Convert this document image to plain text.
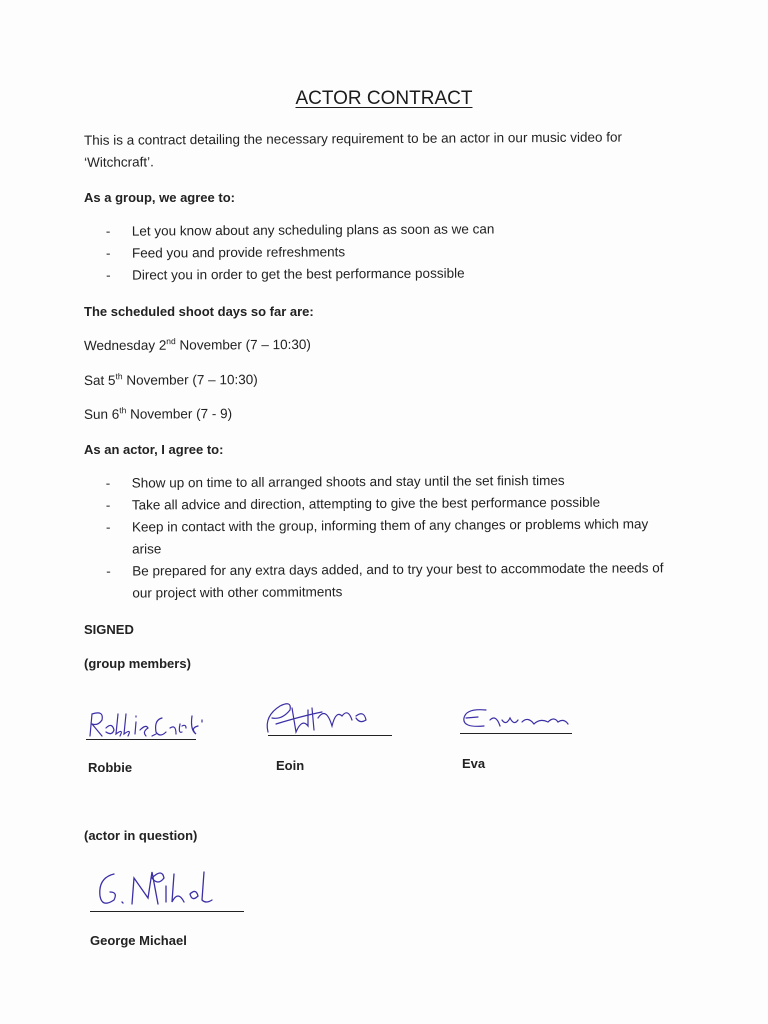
ACTOR CONTRACT
This is a contract detailing the necessary requirement to be an actor in our music video for ‘Witchcraft’.
As a group, we agree to:
- Let you know about any scheduling plans as soon as we can
- Feed you and provide refreshments
- Direct you in order to get the best performance possible
The scheduled shoot days so far are:
Wednesday 2nd November (7 – 10:30)
Sat 5th November (7 – 10:30)
Sun 6th November (7 - 9)
As an actor, I agree to:
- Show up on time to all arranged shoots and stay until the set finish times
- Take all advice and direction, attempting to give the best performance possible
- Keep in contact with the group, informing them of any changes or problems which may arise
- Be prepared for any extra days added, and to try your best to accommodate the needs of our project with other commitments
SIGNED
(group members)
Robbie	Eoin	Eva
(actor in question)
George Michael
